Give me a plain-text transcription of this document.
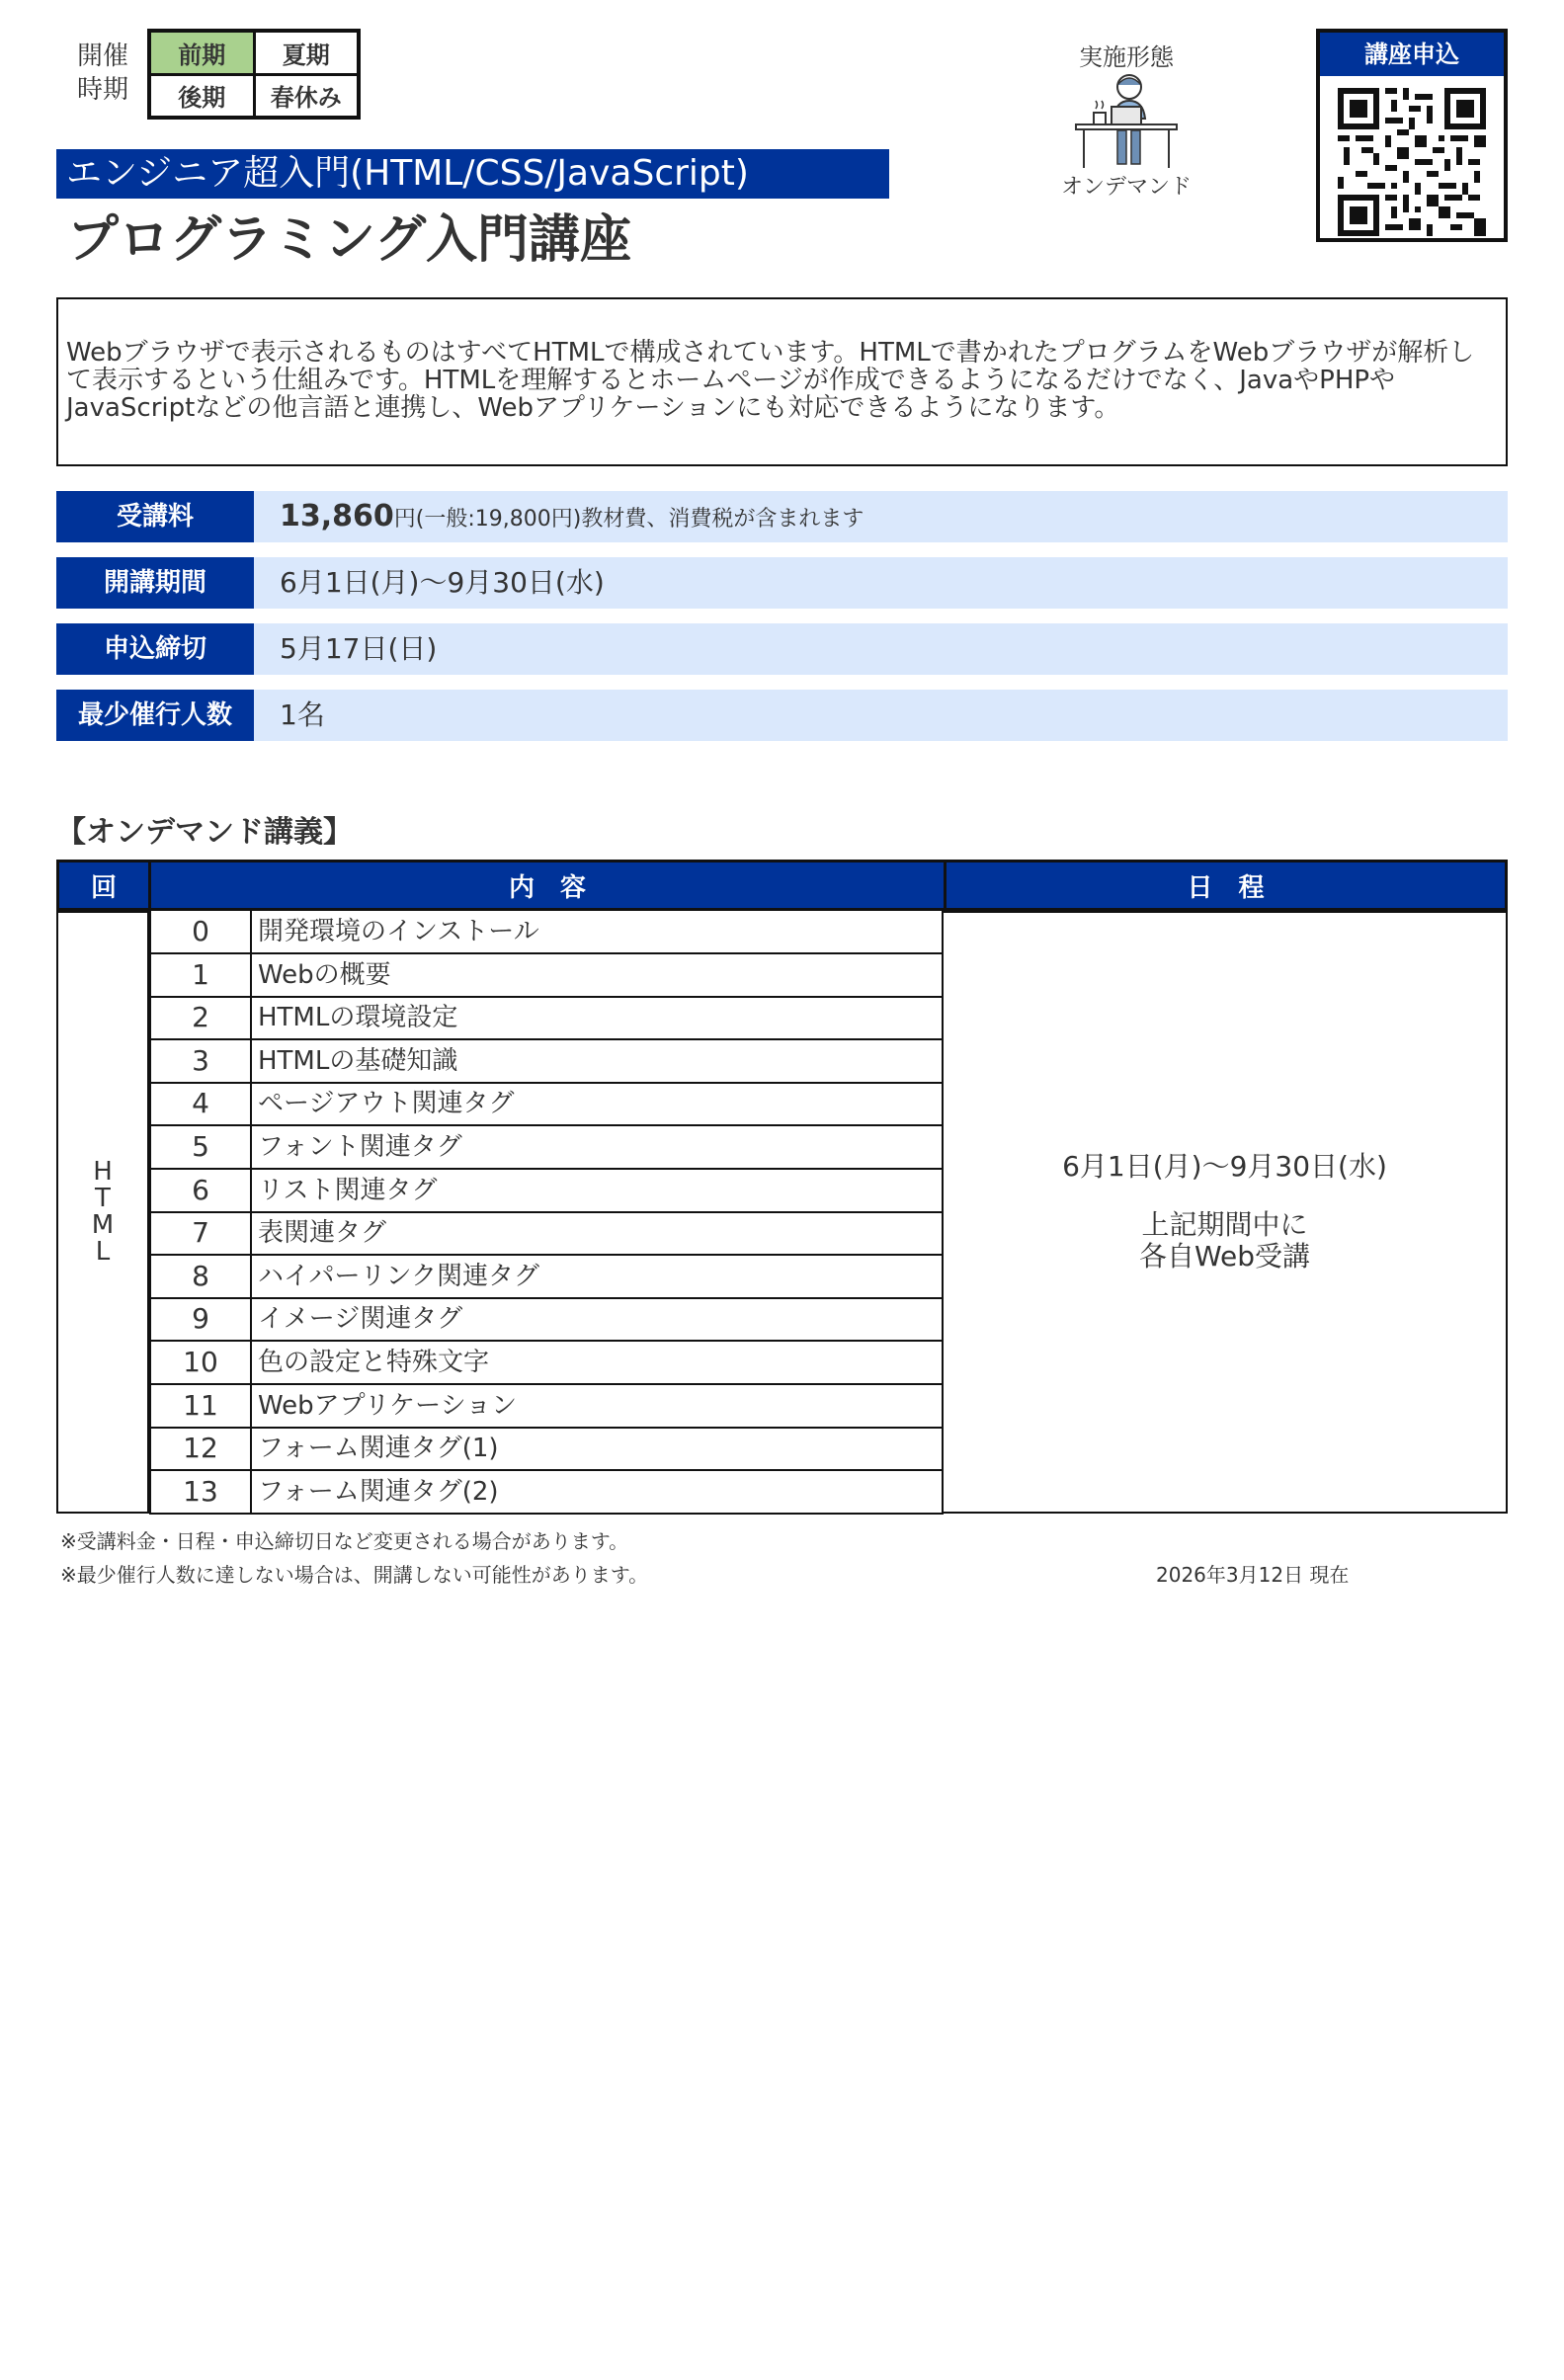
開催
時期
前期	夏期
後期	春休み
エンジニア超入門(HTML/CSS/JavaScript)
プログラミング入門講座
実施形態
オンデマンド
講座申込
Webブラウザで表示されるものはすべてHTMLで構成されています。HTMLで書かれたプログラムをWebブラウザが解析して表示するという仕組みです。HTMLを理解するとホームページが作成できるようになるだけでなく、JavaやPHPやJavaScriptなどの他言語と連携し、Webアプリケーションにも対応できるようになります。
受講料	13,860円(一般:19,800円)教材費、消費税が含まれます
開講期間	6月1日(月)～9月30日(水)
申込締切	5月17日(日)
最少催行人数	1名
【オンデマンド講義】
回	内　容	日　程
HTML
0	開発環境のインストール
1	Webの概要
2	HTMLの環境設定
3	HTMLの基礎知識
4	ページアウト関連タグ
5	フォント関連タグ
6	リスト関連タグ
7	表関連タグ
8	ハイパーリンク関連タグ
9	イメージ関連タグ
10	色の設定と特殊文字
11	Webアプリケーション
12	フォーム関連タグ(1)
13	フォーム関連タグ(2)
6月1日(月)～9月30日(水)
上記期間中に
各自Web受講
※受講料金・日程・申込締切日など変更される場合があります。
※最少催行人数に達しない場合は、開講しない可能性があります。	2026年3月12日 現在
